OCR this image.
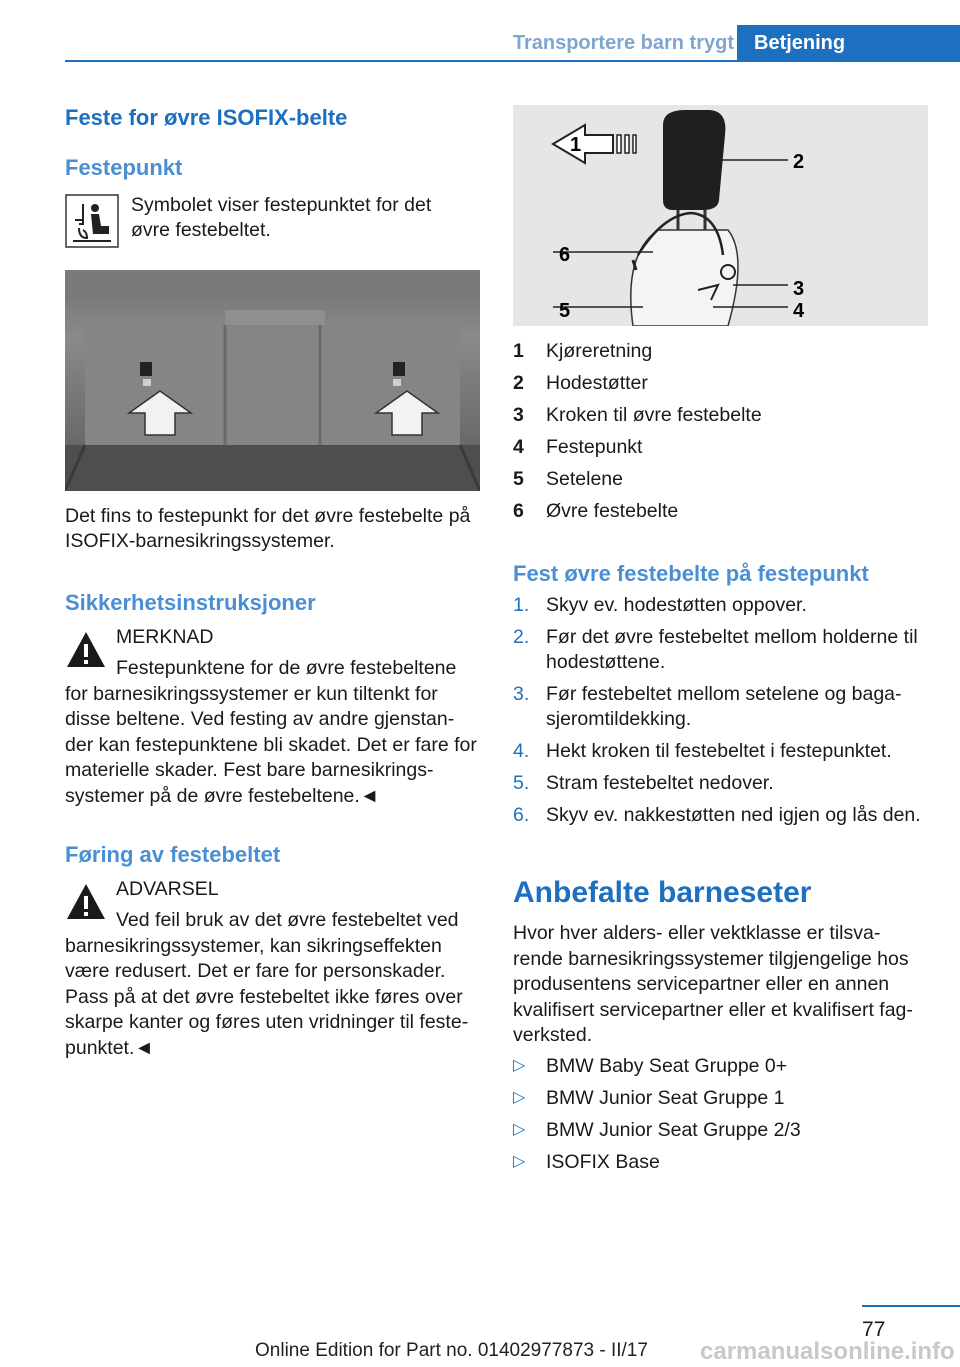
Transportere barn trygt	Betjening
Feste for øvre ISOFIX-belte
Festepunkt

Symbolet viser festepunktet for det øvre festebeltet.

Det fins to festepunkt for det øvre festebelte på ISOFIX-barnesikringssystemer.

Sikkerhetsinstruksjoner
MERKNAD

Festepunktene for de øvre festebeltene for barnesikringssystemer er kun tiltenkt for disse beltene. Ved festing av andre gjenstan-der kan festepunktene bli skadet. Det er fare for materielle skader. Fest bare barnesikrings-systemer på de øvre festebeltene.◄

Føring av festebeltet
ADVARSEL

Ved feil bruk av det øvre festebeltet ved barnesikringssystemer, kan sikringseffekten være redusert. Det er fare for personskader. Pass på at det øvre festebeltet ikke føres over skarpe kanter og føres uten vridninger til feste-punktet.◄

1
2
3
4
5
6
1 Kjøreretning
2 Hodestøtter
3 Kroken til øvre festebelte
4 Festepunkt
5 Setelene
6 Øvre festebelte
Fest øvre festebelte på festepunkt
1. Skyv ev. hodestøtten oppover.
2. Før det øvre festebeltet mellom holderne til hodestøttene.
3. Før festebeltet mellom setelene og baga-sjeromtildekking.
4. Hekt kroken til festebeltet i festepunktet.
5. Stram festebeltet nedover.
6. Skyv ev. nakkestøtten ned igjen og lås den.
Anbefalte barneseter

Hvor hver alders- eller vektklasse er tilsva-rende barnesikringssystemer tilgjengelige hos produsentens servicepartner eller en annen kvalifisert servicepartner eller et kvalifisert fag-verksted.

▷ BMW Baby Seat Gruppe 0+
▷ BMW Junior Seat Gruppe 1
▷ BMW Junior Seat Gruppe 2/3
▷ ISOFIX Base
77
Online Edition for Part no. 01402977873 - II/17 carmanualsonline.info
